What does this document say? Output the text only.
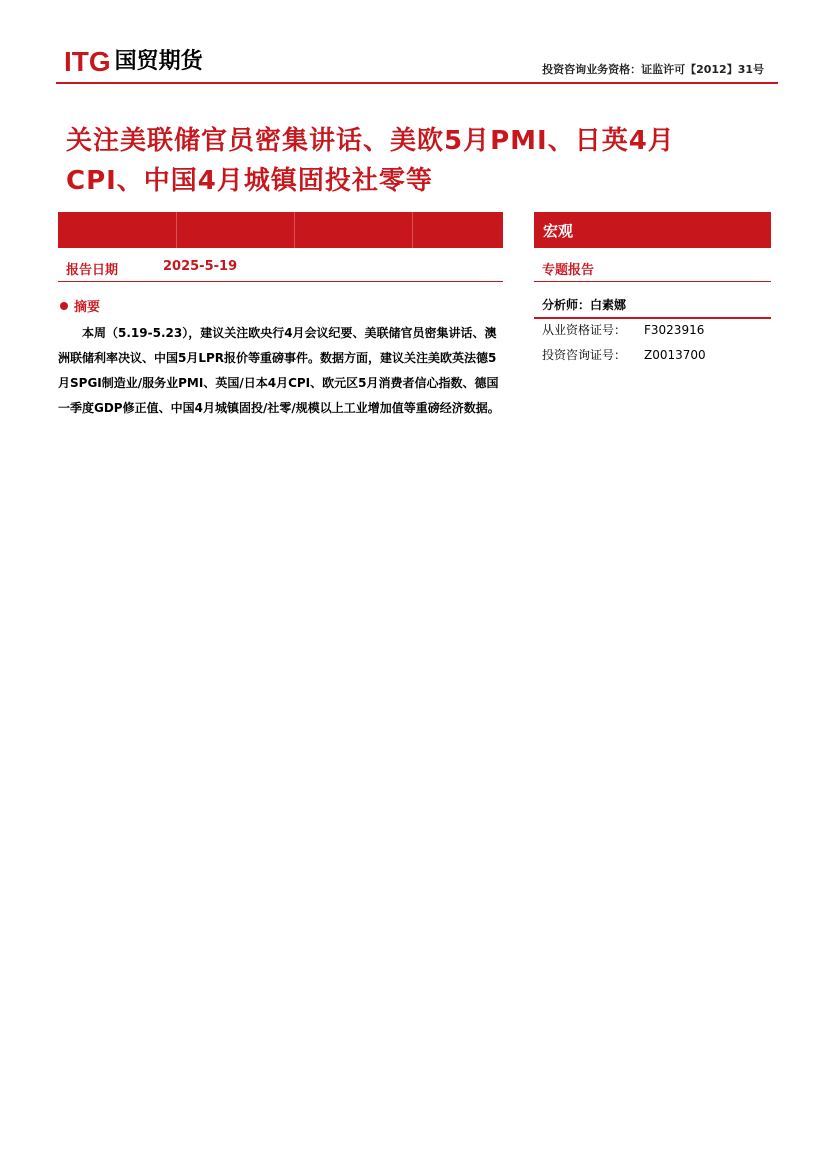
ITG 国贸期货	投资咨询业务资格：证监许可【2012】31号
关注美联储官员密集讲话、美欧5月PMI、日英4月CPI、中国4月城镇固投社零等
宏观
报告日期	2025-5-19	专题报告
摘要

本周（5.19-5.23），建议关注欧央行4月会议纪要、美联储官员密集讲话、澳洲联储利率决议、中国5月LPR报价等重磅事件。数据方面，建议关注美欧英法德5月SPGI制造业/服务业PMI、英国/日本4月CPI、欧元区5月消费者信心指数、德国一季度GDP修正值、中国4月城镇固投/社零/规模以上工业增加值等重磅经济数据。

分析师：白素娜
从业资格证号： F3023916
投资咨询证号： Z0013700
